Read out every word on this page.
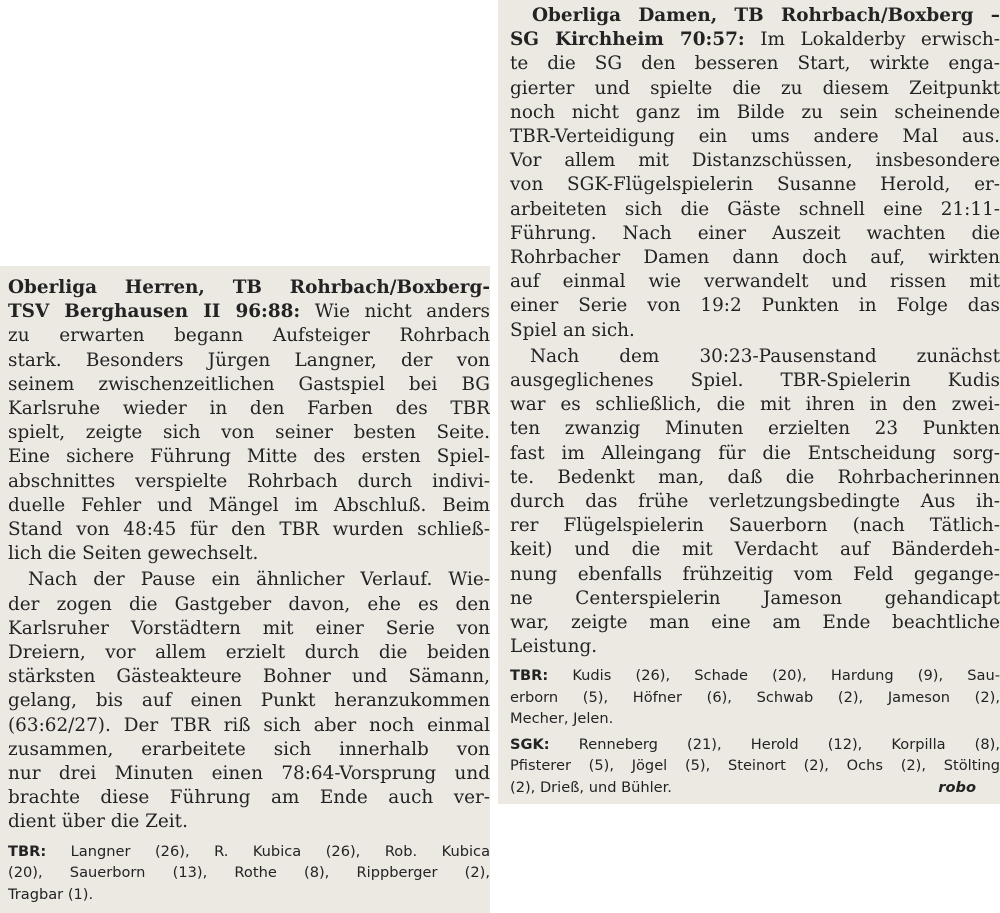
Oberliga Herren, TB Rohrbach/Boxberg-
TSV Berghausen II 96:88: Wie nicht anders
zu erwarten begann Aufsteiger Rohrbach
stark. Besonders Jürgen Langner, der von
seinem zwischenzeitlichen Gastspiel bei BG
Karlsruhe wieder in den Farben des TBR
spielt, zeigte sich von seiner besten Seite.
Eine sichere Führung Mitte des ersten Spiel-
abschnittes verspielte Rohrbach durch indivi-
duelle Fehler und Mängel im Abschluß. Beim
Stand von 48:45 für den TBR wurden schließ-
lich die Seiten gewechselt.

Nach der Pause ein ähnlicher Verlauf. Wie-
der zogen die Gastgeber davon, ehe es den
Karlsruher Vorstädtern mit einer Serie von
Dreiern, vor allem erzielt durch die beiden
stärksten Gästeakteure Bohner und Sämann,
gelang, bis auf einen Punkt heranzukommen
(63:62/27). Der TBR riß sich aber noch einmal
zusammen, erarbeitete sich innerhalb von
nur drei Minuten einen 78:64-Vorsprung und
brachte diese Führung am Ende auch ver-
dient über die Zeit.

TBR: Langner (26), R. Kubica (26), Rob. Kubica
(20), Sauerborn (13), Rothe (8), Rippberger (2),
Tragbar (1).

Oberliga Damen, TB Rohrbach/Boxberg –
SG Kirchheim 70:57: Im Lokalderby erwisch-
te die SG den besseren Start, wirkte enga-
gierter und spielte die zu diesem Zeitpunkt
noch nicht ganz im Bilde zu sein scheinende
TBR-Verteidigung ein ums andere Mal aus.
Vor allem mit Distanzschüssen, insbesondere
von SGK-Flügelspielerin Susanne Herold, er-
arbeiteten sich die Gäste schnell eine 21:11-
Führung. Nach einer Auszeit wachten die
Rohrbacher Damen dann doch auf, wirkten
auf einmal wie verwandelt und rissen mit
einer Serie von 19:2 Punkten in Folge das
Spiel an sich.

Nach dem 30:23-Pausenstand zunächst
ausgeglichenes Spiel. TBR-Spielerin Kudis
war es schließlich, die mit ihren in den zwei-
ten zwanzig Minuten erzielten 23 Punkten
fast im Alleingang für die Entscheidung sorg-
te. Bedenkt man, daß die Rohrbacherinnen
durch das frühe verletzungsbedingte Aus ih-
rer Flügelspielerin Sauerborn (nach Tätlich-
keit) und die mit Verdacht auf Bänderdeh-
nung ebenfalls frühzeitig vom Feld gegange-
ne Centerspielerin Jameson gehandicapt
war, zeigte man eine am Ende beachtliche
Leistung.

TBR: Kudis (26), Schade (20), Hardung (9), Sau-
erborn (5), Höfner (6), Schwab (2), Jameson (2),
Mecher, Jelen.
SGK: Renneberg (21), Herold (12), Korpilla (8),
Pfisterer (5), Jögel (5), Steinort (2), Ochs (2), Stölting
(2), Drieß, und Bühler.	robo
